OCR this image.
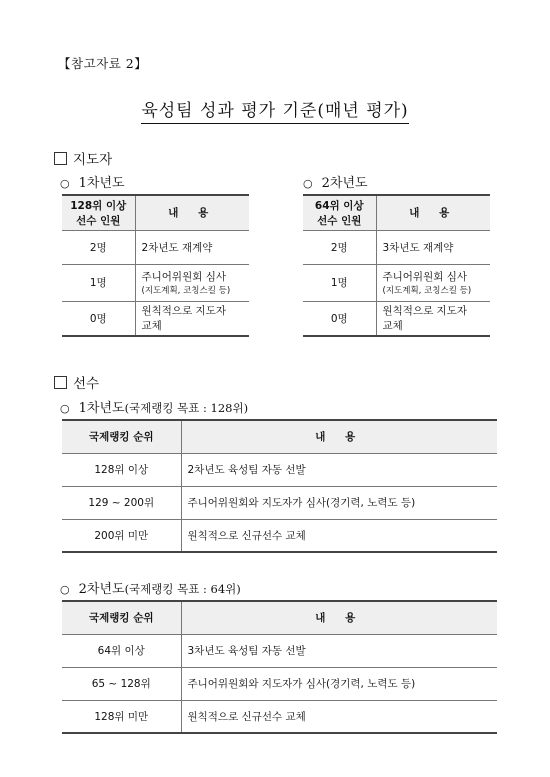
【참고자료 2】
육성팀 성과 평가 기준(매년 평가)
지도자
○ 1차년도	○ 2차년도
128위 이상
선수 인원	내 용
2명	2차년도 재계약
1명	주니어위원회 심사
(지도계획, 코칭스킬 등)

0명	원칙적으로 지도자
교체
64위 이상
선수 인원	내 용
2명	3차년도 재계약
1명	주니어위원회 심사
(지도계획, 코칭스킬 등)

0명	원칙적으로 지도자
교체
선수
○ 1차년도 (국제랭킹 목표 : 128위)
국제랭킹 순위	내 용
128위 이상	2차년도 육성팀 자동 선발
129 ~ 200위	주니어위원회와 지도자가 심사(경기력, 노력도 등)
200위 미만	원칙적으로 신규선수 교체
○ 2차년도 (국제랭킹 목표 : 64위)
국제랭킹 순위	내 용
64위 이상	3차년도 육성팀 자동 선발
65 ~ 128위	주니어위원회와 지도자가 심사(경기력, 노력도 등)
128위 미만	원칙적으로 신규선수 교체
